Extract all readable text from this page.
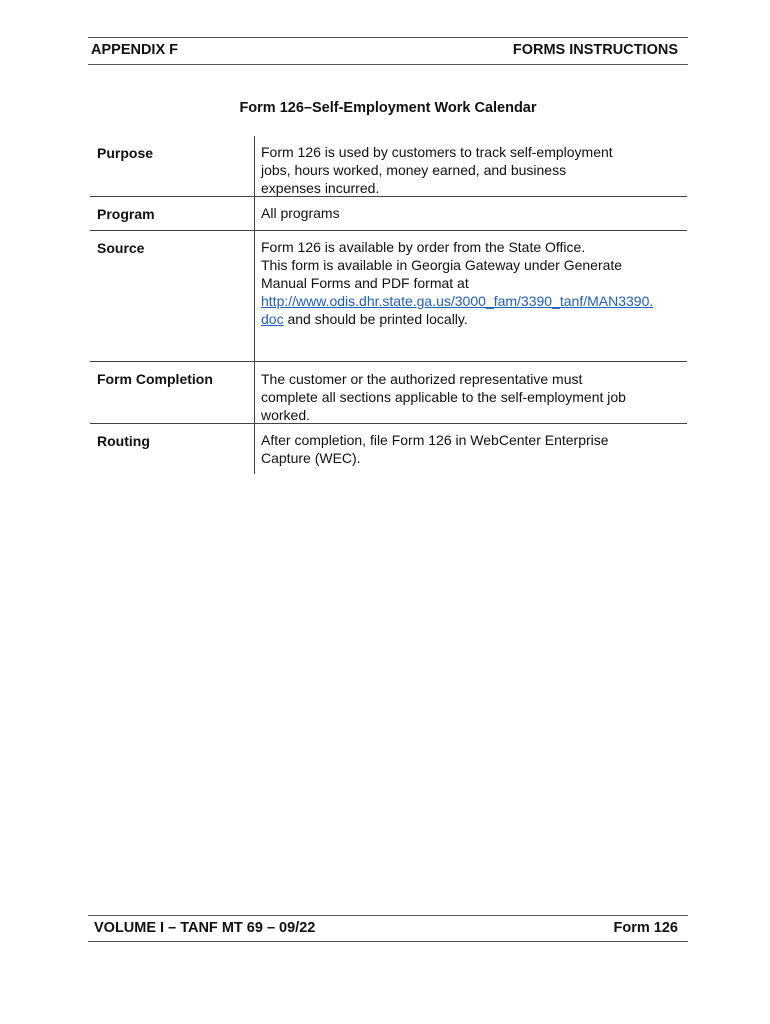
APPENDIX F	FORMS INSTRUCTIONS
Form 126–Self-Employment Work Calendar
Purpose	Form 126 is used by customers to track self-employment
jobs, hours worked, money earned, and business
expenses incurred.
Program	All programs
Source	Form 126 is available by order from the State Office.
This form is available in Georgia Gateway under Generate
Manual Forms and PDF format at
http://www.odis.dhr.state.ga.us/3000_fam/3390_tanf/MAN3390.
doc and should be printed locally.
Form Completion	The customer or the authorized representative must
complete all sections applicable to the self-employment job
worked.
Routing	After completion, file Form 126 in WebCenter Enterprise
Capture (WEC).
VOLUME I – TANF MT 69 – 09/22	Form 126
